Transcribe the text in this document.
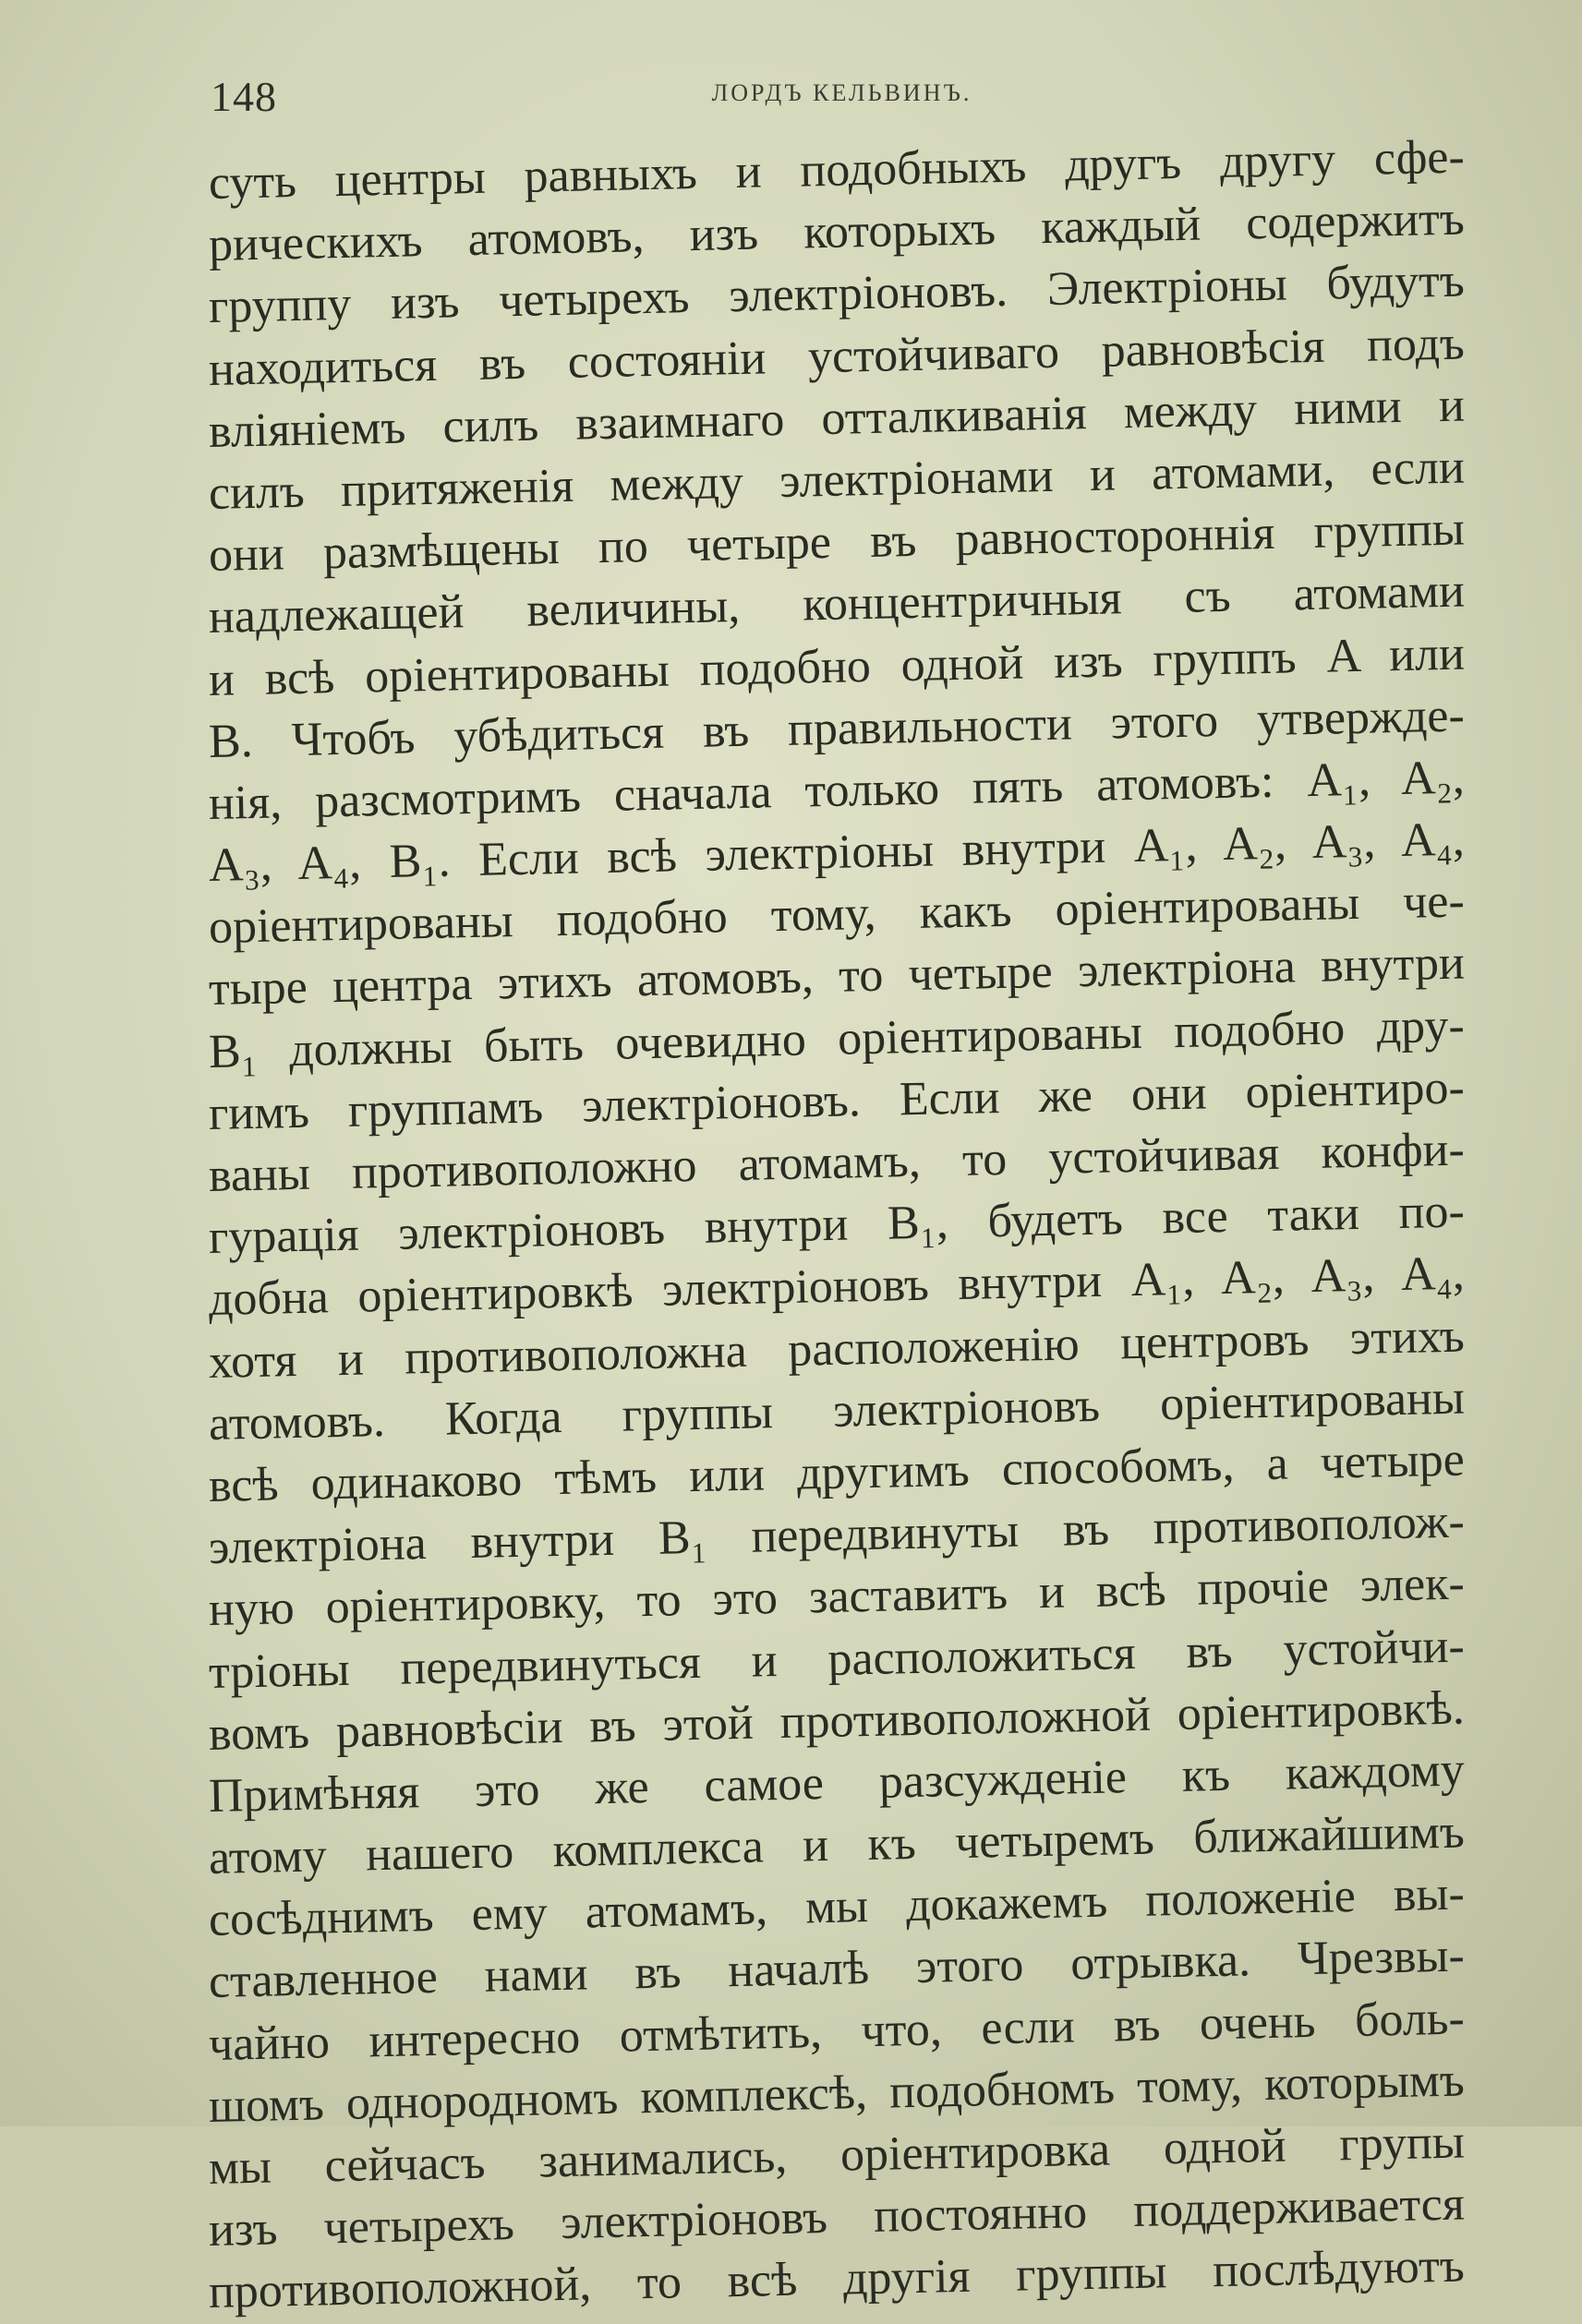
148	ЛОРДЪ КЕЛЬВИНЪ.
суть центры равныхъ и подобныхъ другъ другу сфе-
рическихъ атомовъ, изъ которыхъ каждый содержитъ
группу изъ четырехъ электріоновъ. Электріоны будутъ
находиться въ состояніи устойчиваго равновѣсія подъ
вліяніемъ силъ взаимнаго отталкиванія между ними и
силъ притяженія между электріонами и атомами, если
они размѣщены по четыре въ равностороннія группы
надлежащей величины, концентричныя съ атомами
и всѣ оріентированы подобно одной изъ группъ A или
B. Чтобъ убѣдиться въ правильности этого утвержде-
нія, разсмотримъ сначала только пять атомовъ: A₁, A₂,
A₃, A₄, B₁. Если всѣ электріоны внутри A₁, A₂, A₃, A₄,
оріентированы подобно тому, какъ оріентированы че-
тыре центра этихъ атомовъ, то четыре электріона внутри
B₁ должны быть очевидно оріентированы подобно дру-
гимъ группамъ электріоновъ. Если же они оріентиро-
ваны противоположно атомамъ, то устойчивая конфи-
гурація электріоновъ внутри B₁, будетъ все таки по-
добна оріентировкѣ электріоновъ внутри A₁, A₂, A₃, A₄,
хотя и противоположна расположенію центровъ этихъ
атомовъ. Когда группы электріоновъ оріентированы
всѣ одинаково тѣмъ или другимъ способомъ, а четыре
электріона внутри B₁ передвинуты въ противополож-
ную оріентировку, то это заставитъ и всѣ прочіе элек-
тріоны передвинуться и расположиться въ устойчи-
вомъ равновѣсіи въ этой противоположной оріентировкѣ.
Примѣняя это же самое разсужденіе къ каждому
атому нашего комплекса и къ четыремъ ближайшимъ
сосѣднимъ ему атомамъ, мы докажемъ положеніе вы-
ставленное нами въ началѣ этого отрывка. Чрезвы-
чайно интересно отмѣтить, что, если въ очень боль-
шомъ однородномъ комплексѣ, подобномъ тому, которымъ
мы сейчасъ занимались, оріентировка одной групы
изъ четырехъ электріоновъ постоянно поддерживается
противоположной, то всѣ другія группы послѣдуютъ
